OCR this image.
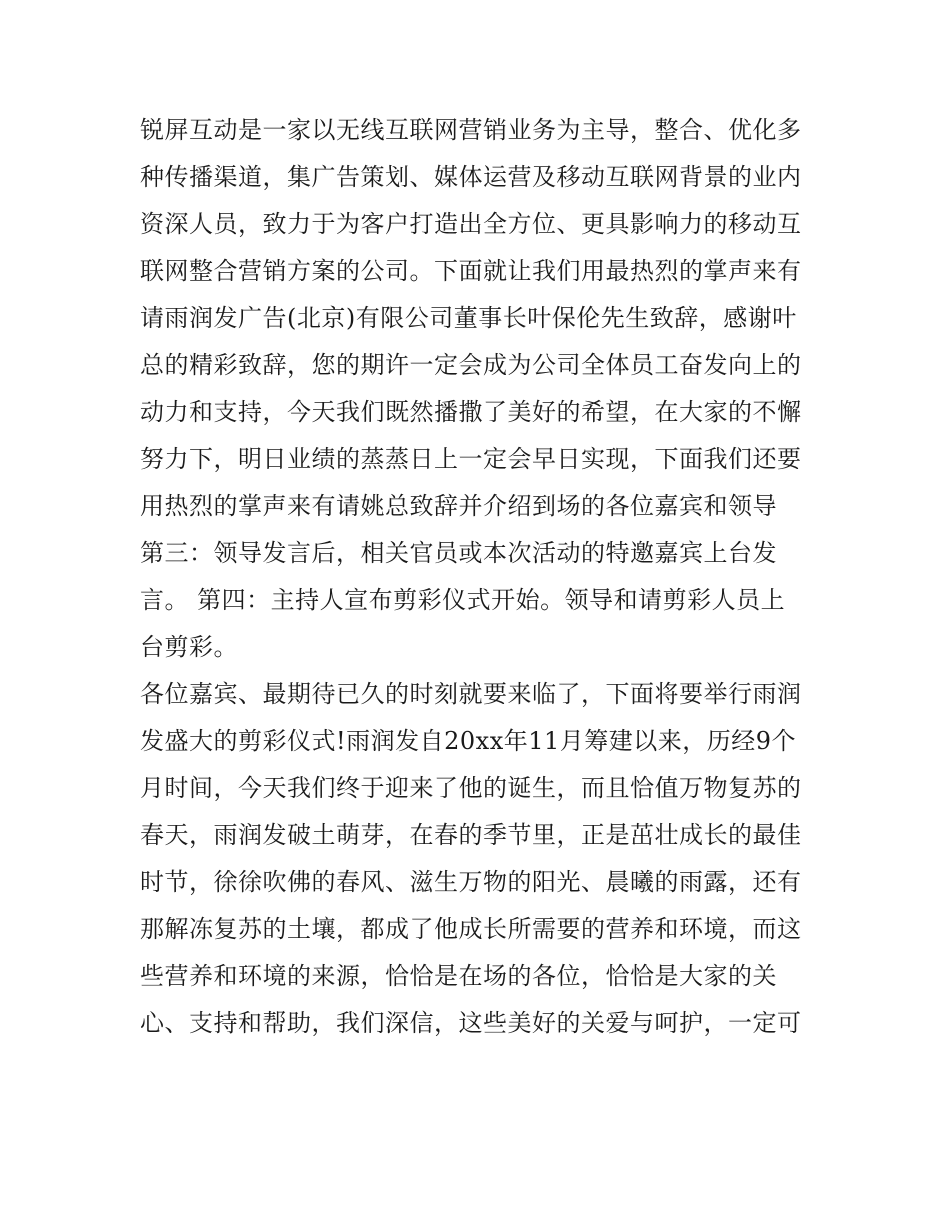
锐屏互动是一家以无线互联网营销业务为主导，整合、优化多
种传播渠道，集广告策划、媒体运营及移动互联网背景的业内
资深人员，致力于为客户打造出全方位、更具影响力的移动互
联网整合营销方案的公司。下面就让我们用最热烈的掌声来有
请雨润发广告(北京)有限公司董事长叶保伦先生致辞，感谢叶
总的精彩致辞，您的期许一定会成为公司全体员工奋发向上的
动力和支持，今天我们既然播撒了美好的希望，在大家的不懈
努力下，明日业绩的蒸蒸日上一定会早日实现，下面我们还要
用热烈的掌声来有请姚总致辞并介绍到场的各位嘉宾和领导
第三：领导发言后，相关官员或本次活动的特邀嘉宾上台发
言。 第四：主持人宣布剪彩仪式开始。领导和请剪彩人员上
台剪彩。
各位嘉宾、最期待已久的时刻就要来临了，下面将要举行雨润
发盛大的剪彩仪式!雨润发自20xx年11月筹建以来，历经9个
月时间，今天我们终于迎来了他的诞生，而且恰值万物复苏的
春天，雨润发破土萌芽，在春的季节里，正是茁壮成长的最佳
时节，徐徐吹佛的春风、滋生万物的阳光、晨曦的雨露，还有
那解冻复苏的土壤，都成了他成长所需要的营养和环境，而这
些营养和环境的来源，恰恰是在场的各位，恰恰是大家的关
心、支持和帮助，我们深信，这些美好的关爱与呵护，一定可
